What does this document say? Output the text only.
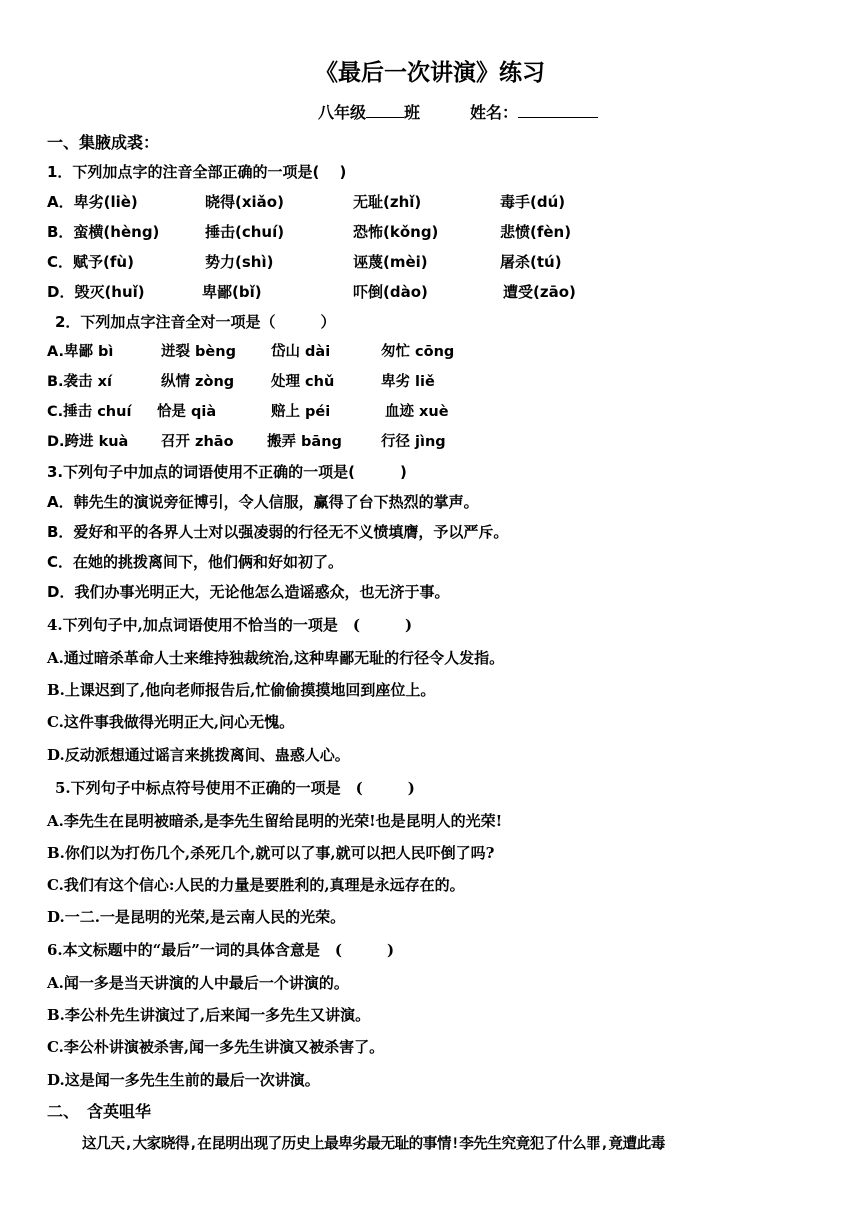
《最后一次讲演》练习
八年级 班	姓名：
一、集腋成裘：
1．下列加点字的注音全部正确的一项是(　 )
A．卑劣(liè)	晓得(xiǎo)	无耻(zhǐ)	毒手(dú)
B．蛮横(hèng)	捶击(chuí)	恐怖(kǒng)	悲愤(fèn)
C．赋予(fù)	势力(shì)	诬蔑(mèi)	屠杀(tú)
D．毁灭(huǐ)	卑鄙(bǐ)	吓倒(dào)	遭受(zāo)
2．下列加点字注音全对一项是（　　　）
A.卑鄙 bì	迸裂 bèng 岱山 dài	匆忙 cōng
B.袭击 xí	纵情 zòng	处理 chǔ	卑劣 liě
C.捶击 chuí 恰是 qià	赔上 péi	血迹 xuè
D.跨进 kuà 召开 zhāo 搬弄 bāng	行径 jìng
3.下列句子中加点的词语使用不正确的一项是(　　　)
A．韩先生的演说旁征博引，令人信服，赢得了台下热烈的掌声。
B．爱好和平的各界人士对以强凌弱的行径无不义愤填膺，予以严斥。
C．在她的挑拨离间下，他们俩和好如初了。
D．我们办事光明正大，无论他怎么造谣惑众，也无济于事。
4.下列句子中,加点词语使用不恰当的一项是　(　　　)
A.通过暗杀革命人士来维持独裁统治,这种卑鄙无耻的行径令人发指。
B.上课迟到了,他向老师报告后,忙偷偷摸摸地回到座位上。
C.这件事我做得光明正大,问心无愧。
D.反动派想通过谣言来挑拨离间、蛊惑人心。
5.下列句子中标点符号使用不正确的一项是　(　　　)
A.李先生在昆明被暗杀,是李先生留给昆明的光荣!也是昆明人的光荣!
B.你们以为打伤几个,杀死几个,就可以了事,就可以把人民吓倒了吗?
C.我们有这个信心:人民的力量是要胜利的,真理是永远存在的。
D.一二.一是昆明的光荣,是云南人民的光荣。
6.本文标题中的“最后”一词的具体含意是　(　　　)
A.闻一多是当天讲演的人中最后一个讲演的。
B.李公朴先生讲演过了,后来闻一多先生又讲演。
C.李公朴讲演被杀害,闻一多先生讲演又被杀害了。
D.这是闻一多先生生前的最后一次讲演。
二、　含英咀华
这几天,大家晓得,在昆明出现了历史上最卑劣最无耻的事情!李先生究竟犯了什么罪,竟遭此毒
